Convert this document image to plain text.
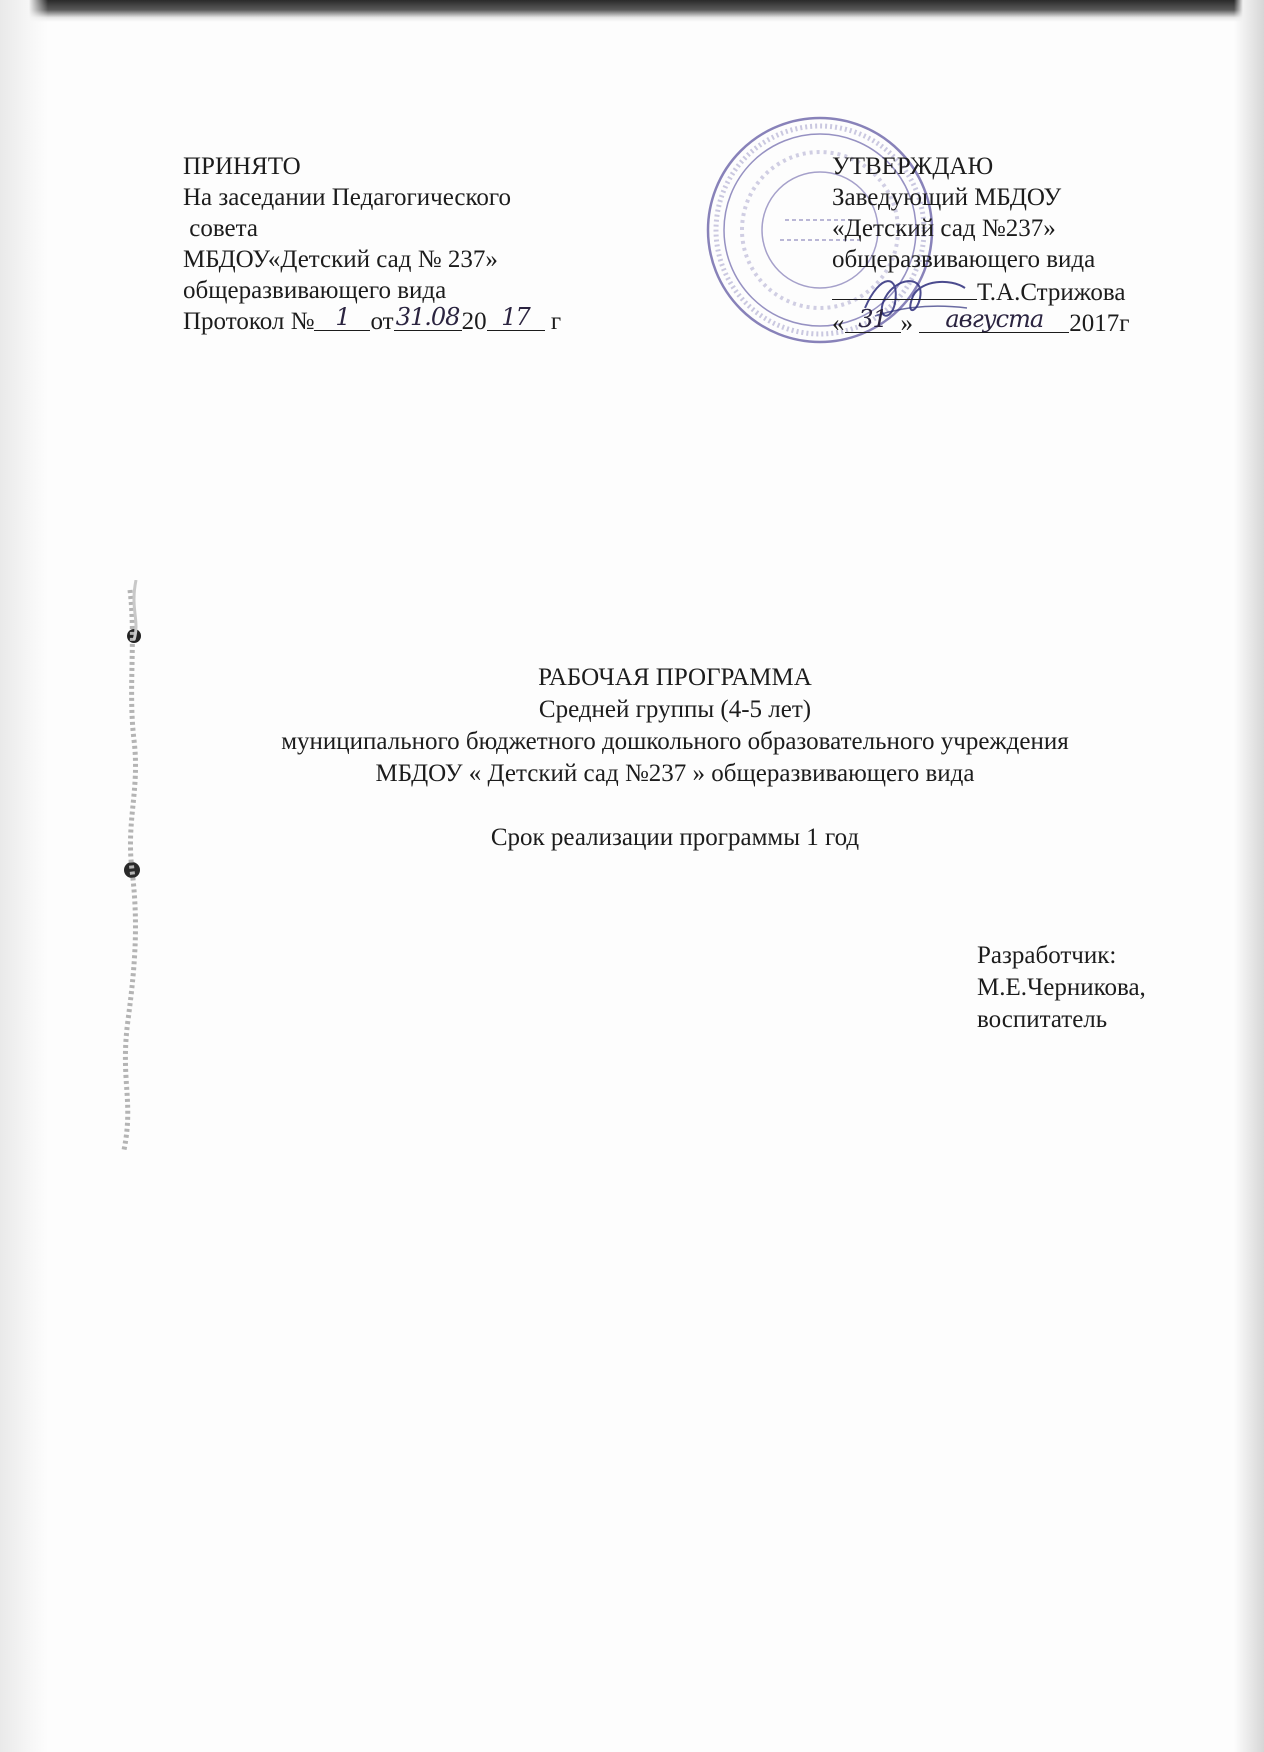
ПРИНЯТО
На заседании Педагогического
совета
МБДОУ«Детский сад № 237»
общеразвивающего вида
Протокол № 1 от31.0820 17 г
УТВЕРЖДАЮ
Заведующий МБДОУ
«Детский сад №237»
общеразвивающего вида
Т.А.Стрижова
« 31 » августа 2017г
РАБОЧАЯ ПРОГРАММА
Средней группы (4-5 лет)
муниципального бюджетного дошкольного образовательного учреждения
МБДОУ « Детский сад №237 » общеразвивающего вида
Срок реализации программы 1 год
Разработчик:
М.Е.Черникова,
воспитатель
